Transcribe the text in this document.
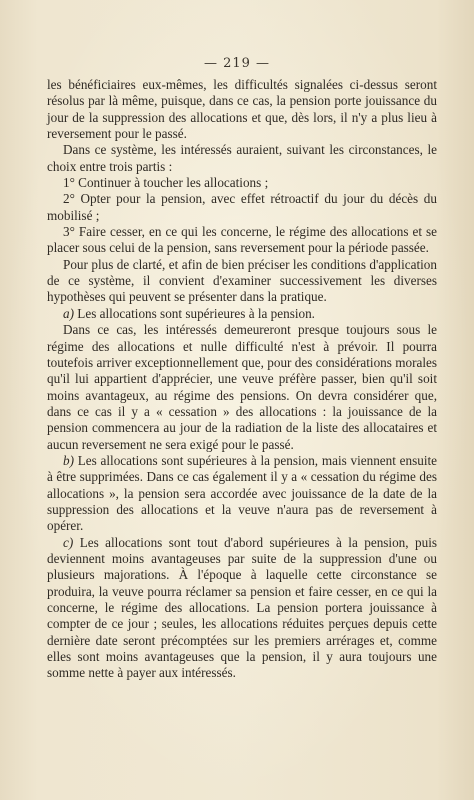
— 219 —

les bénéficiaires eux-mêmes, les difficultés signalées ci-dessus seront résolus par là même, puisque, dans ce cas, la pension porte jouissance du jour de la suppression des allocations et que, dès lors, il n'y a plus lieu à reversement pour le passé.

Dans ce système, les intéressés auraient, suivant les circonstances, le choix entre trois partis :

1° Continuer à toucher les allocations ;

2° Opter pour la pension, avec effet rétroactif du jour du décès du mobilisé ;

3° Faire cesser, en ce qui les concerne, le régime des allocations et se placer sous celui de la pension, sans reversement pour la période passée.

Pour plus de clarté, et afin de bien préciser les conditions d'application de ce système, il convient d'examiner successivement les diverses hypothèses qui peuvent se présenter dans la pratique.

a) Les allocations sont supérieures à la pension.

Dans ce cas, les intéressés demeureront presque toujours sous le régime des allocations et nulle difficulté n'est à prévoir. Il pourra toutefois arriver exceptionnellement que, pour des considérations morales qu'il lui appartient d'apprécier, une veuve préfère passer, bien qu'il soit moins avantageux, au régime des pensions. On devra considérer que, dans ce cas il y a « cessation » des allocations : la jouissance de la pension commencera au jour de la radiation de la liste des allocataires et aucun reversement ne sera exigé pour le passé.

b) Les allocations sont supérieures à la pension, mais viennent ensuite à être supprimées. Dans ce cas également il y a « cessation du régime des allocations », la pension sera accordée avec jouissance de la date de la suppression des allocations et la veuve n'aura pas de reversement à opérer.

c) Les allocations sont tout d'abord supérieures à la pension, puis deviennent moins avantageuses par suite de la suppression d'une ou plusieurs majorations. À l'époque à laquelle cette circonstance se produira, la veuve pourra réclamer sa pension et faire cesser, en ce qui la concerne, le régime des allocations. La pension portera jouissance à compter de ce jour ; seules, les allocations réduites perçues depuis cette dernière date seront précomptées sur les premiers arrérages et, comme elles sont moins avantageuses que la pension, il y aura toujours une somme nette à payer aux intéressés.
